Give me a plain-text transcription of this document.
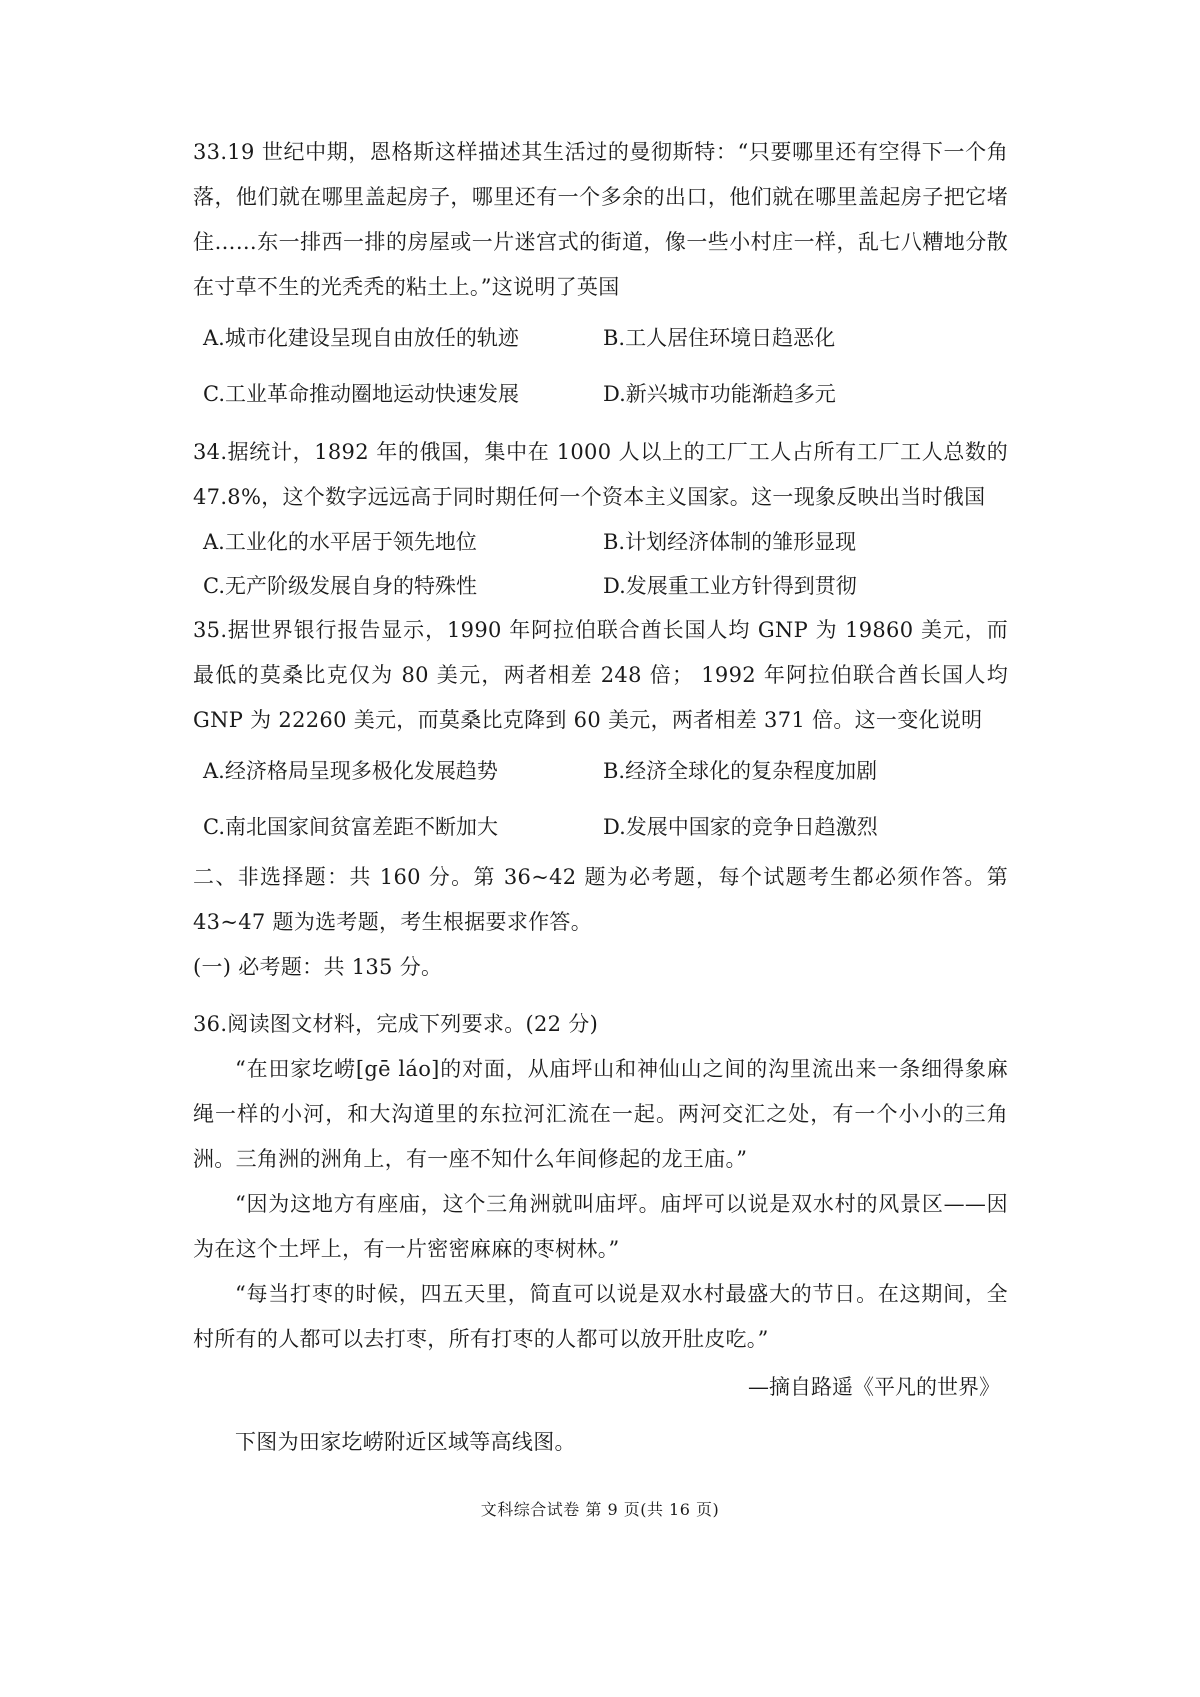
33.19 世纪中期，恩格斯这样描述其生活过的曼彻斯特：“只要哪里还有空得下一个角落，他们就在哪里盖起房子，哪里还有一个多余的出口，他们就在哪里盖起房子把它堵住……东一排西一排的房屋或一片迷宫式的街道，像一些小村庄一样，乱七八糟地分散在寸草不生的光秃秃的粘土上。”这说明了英国

A.城市化建设呈现自由放任的轨迹	B.工人居住环境日趋恶化
C.工业革命推动圈地运动快速发展	D.新兴城市功能渐趋多元

34.据统计，1892 年的俄国，集中在 1000 人以上的工厂工人占所有工厂工人总数的 47.8%，这个数字远远高于同时期任何一个资本主义国家。这一现象反映出当时俄国

A.工业化的水平居于领先地位	B.计划经济体制的雏形显现
C.无产阶级发展自身的特殊性	D.发展重工业方针得到贯彻

35.据世界银行报告显示，1990 年阿拉伯联合酋长国人均 GNP 为 19860 美元，而最低的莫桑比克仅为 80 美元，两者相差 248 倍； 1992 年阿拉伯联合酋长国人均 GNP 为 22260 美元，而莫桑比克降到 60 美元，两者相差 371 倍。这一变化说明

A.经济格局呈现多极化发展趋势	B.经济全球化的复杂程度加剧
C.南北国家间贫富差距不断加大	D.发展中国家的竞争日趋激烈

二、非选择题：共 160 分。第 36~42 题为必考题，每个试题考生都必须作答。第 43~47 题为选考题，考生根据要求作答。

(一) 必考题：共 135 分。

36.阅读图文材料，完成下列要求。(22 分)

“在田家圪崂[gē láo]的对面，从庙坪山和神仙山之间的沟里流出来一条细得象麻绳一样的小河，和大沟道里的东拉河汇流在一起。两河交汇之处，有一个小小的三角洲。三角洲的洲角上，有一座不知什么年间修起的龙王庙。”

“因为这地方有座庙，这个三角洲就叫庙坪。庙坪可以说是双水村的风景区——因为在这个土坪上，有一片密密麻麻的枣树林。”

“每当打枣的时候，四五天里，简直可以说是双水村最盛大的节日。在这期间，全村所有的人都可以去打枣，所有打枣的人都可以放开肚皮吃。”

—摘自路遥《平凡的世界》

下图为田家圪崂附近区域等高线图。

文科综合试卷 第 9 页(共 16 页)
